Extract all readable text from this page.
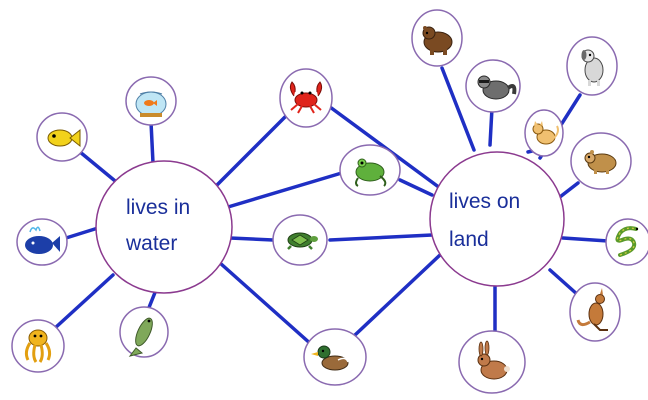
lives in
water
lives on
land
